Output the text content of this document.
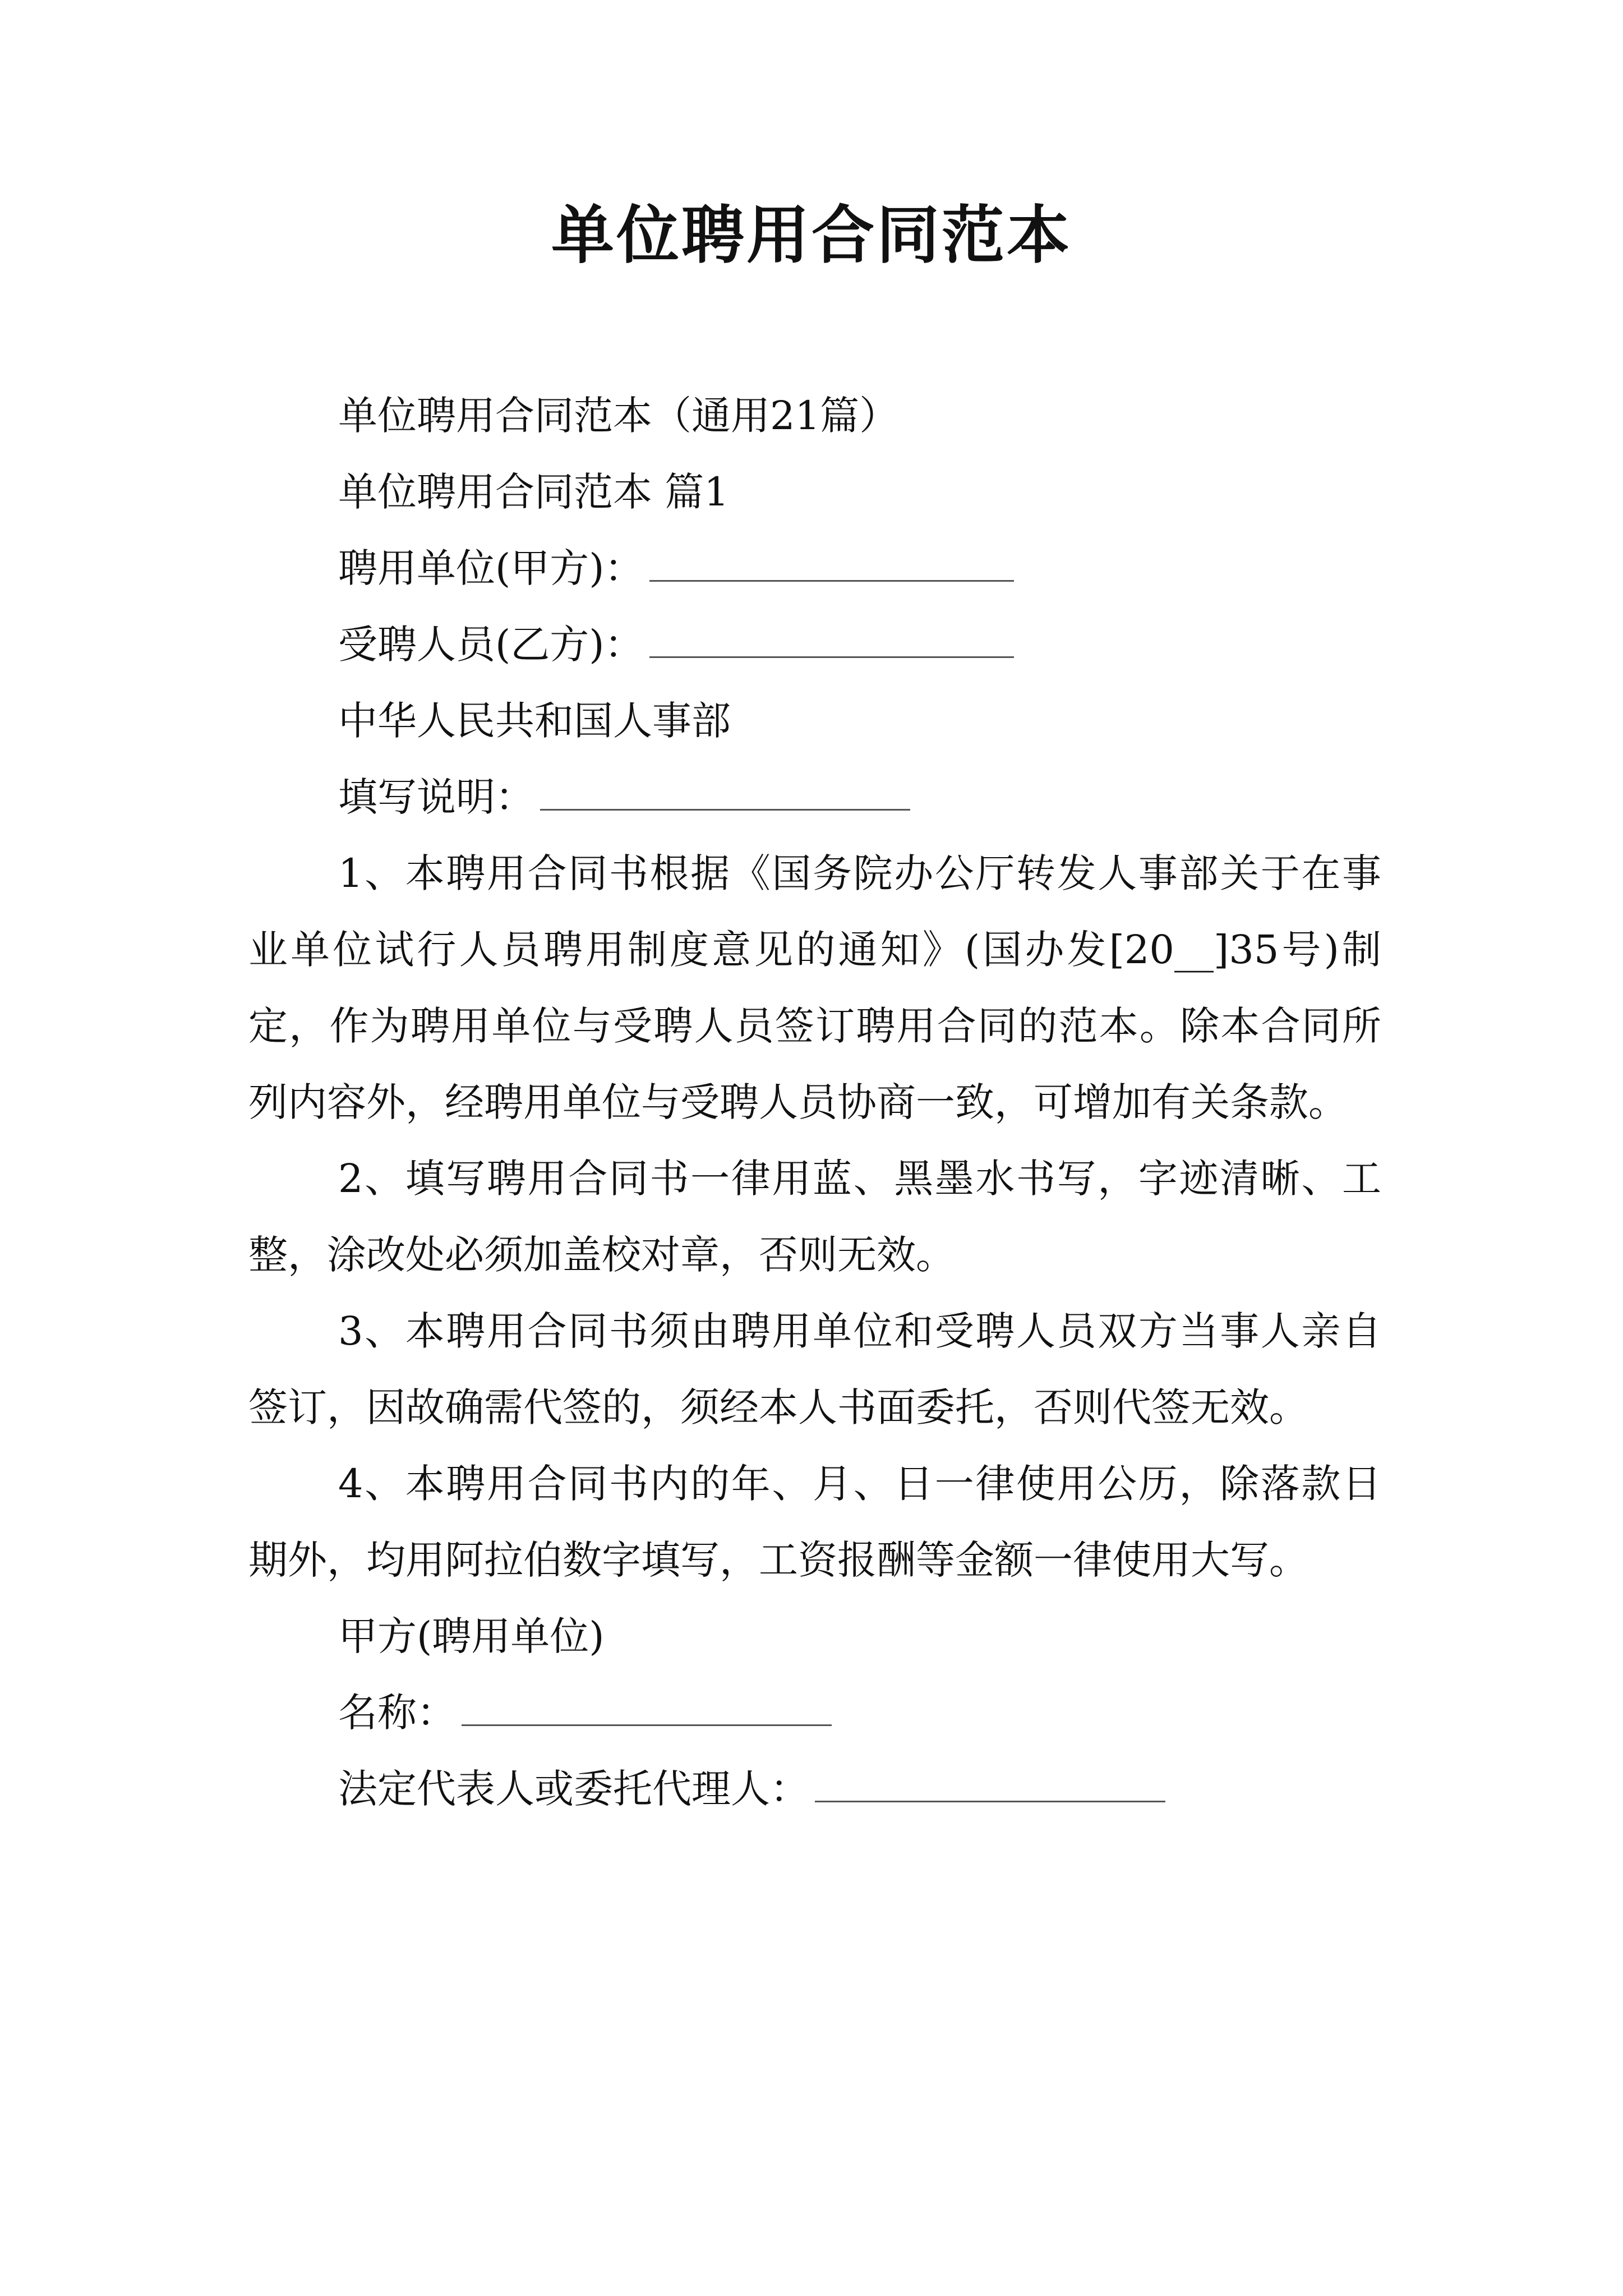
单位聘用合同范本
单位聘用合同范本（通用21篇）
单位聘用合同范本 篇1
聘用单位(甲方)：
受聘人员(乙方)：
中华人民共和国人事部
填写说明：

1、本聘用合同书根据《国务院办公厅转发人事部关于在事业单位试行人员聘用制度意见的通知》(国办发[20__]35号)制定，作为聘用单位与受聘人员签订聘用合同的范本。除本合同所列内容外，经聘用单位与受聘人员协商一致，可增加有关条款。

2、填写聘用合同书一律用蓝、黑墨水书写，字迹清晰、工整，涂改处必须加盖校对章，否则无效。

3、本聘用合同书须由聘用单位和受聘人员双方当事人亲自签订，因故确需代签的，须经本人书面委托，否则代签无效。

4、本聘用合同书内的年、月、日一律使用公历，除落款日期外，均用阿拉伯数字填写，工资报酬等金额一律使用大写。

甲方(聘用单位)
名称：
法定代表人或委托代理人：
